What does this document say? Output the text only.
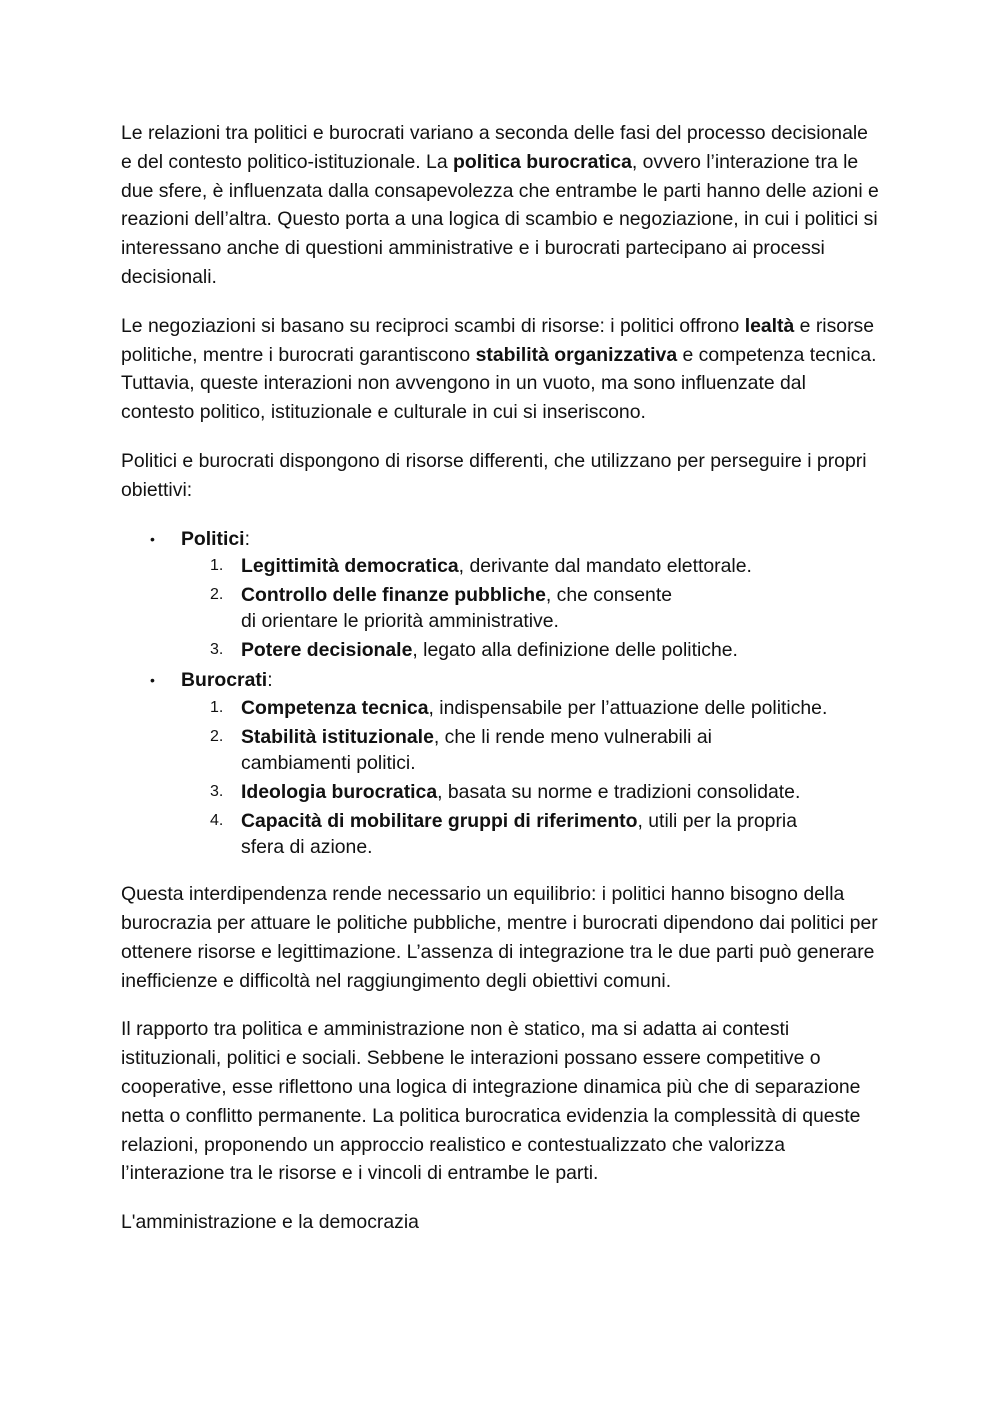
Le relazioni tra politici e burocrati variano a seconda delle fasi del processo decisionale e del contesto politico-istituzionale. La politica burocratica, ovvero l’interazione tra le due sfere, è influenzata dalla consapevolezza che entrambe le parti hanno delle azioni e reazioni dell’altra. Questo porta a una logica di scambio e negoziazione, in cui i politici si interessano anche di questioni amministrative e i burocrati partecipano ai processi decisionali.

Le negoziazioni si basano su reciproci scambi di risorse: i politici offrono lealtà e risorse politiche, mentre i burocrati garantiscono stabilità organizzativa e competenza tecnica. Tuttavia, queste interazioni non avvengono in un vuoto, ma sono influenzate dal contesto politico, istituzionale e culturale in cui si inseriscono.

Politici e burocrati dispongono di risorse differenti, che utilizzano per perseguire i propri obiettivi:

• Politici:
1. Legittimità democratica, derivante dal mandato elettorale.
2. Controllo delle finanze pubbliche, che consente di orientare le priorità amministrative.
3. Potere decisionale, legato alla definizione delle politiche.
• Burocrati:
1. Competenza tecnica, indispensabile per l’attuazione delle politiche.
2. Stabilità istituzionale, che li rende meno vulnerabili ai cambiamenti politici.
3. Ideologia burocratica, basata su norme e tradizioni consolidate.
4. Capacità di mobilitare gruppi di riferimento, utili per la propria sfera di azione.

Questa interdipendenza rende necessario un equilibrio: i politici hanno bisogno della burocrazia per attuare le politiche pubbliche, mentre i burocrati dipendono dai politici per ottenere risorse e legittimazione. L’assenza di integrazione tra le due parti può generare inefficienze e difficoltà nel raggiungimento degli obiettivi comuni.

Il rapporto tra politica e amministrazione non è statico, ma si adatta ai contesti istituzionali, politici e sociali. Sebbene le interazioni possano essere competitive o cooperative, esse riflettono una logica di integrazione dinamica più che di separazione netta o conflitto permanente. La politica burocratica evidenzia la complessità di queste relazioni, proponendo un approccio realistico e contestualizzato che valorizza l’interazione tra le risorse e i vincoli di entrambe le parti.

L'amministrazione e la democrazia
